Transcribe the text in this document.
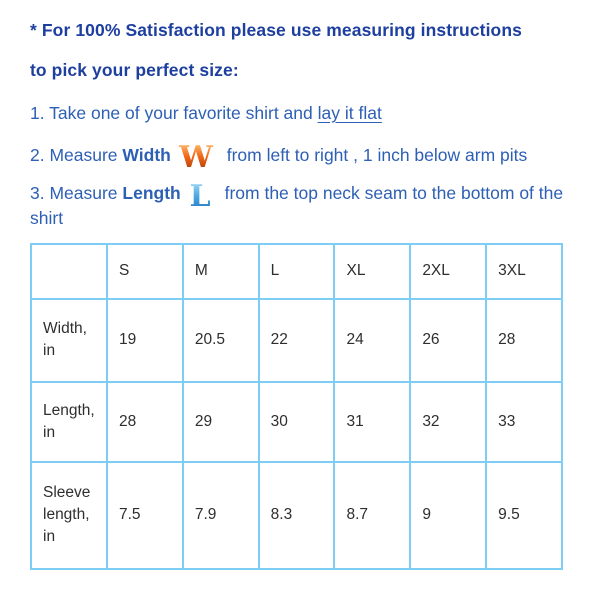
* For 100% Satisfaction please use measuring instructions
to pick your perfect size:

1. Take one of your favorite shirt and lay it flat

2. Measure Width W from left to right , 1 inch below arm pits

3. Measure Length L from the top neck seam to the bottom of the shirt

	S	M	L	XL	2XL	3XL
Width, in	19	20.5	22	24	26	28
Length, in	28	29	30	31	32	33
Sleeve length, in	7.5	7.9	8.3	8.7	9	9.5
